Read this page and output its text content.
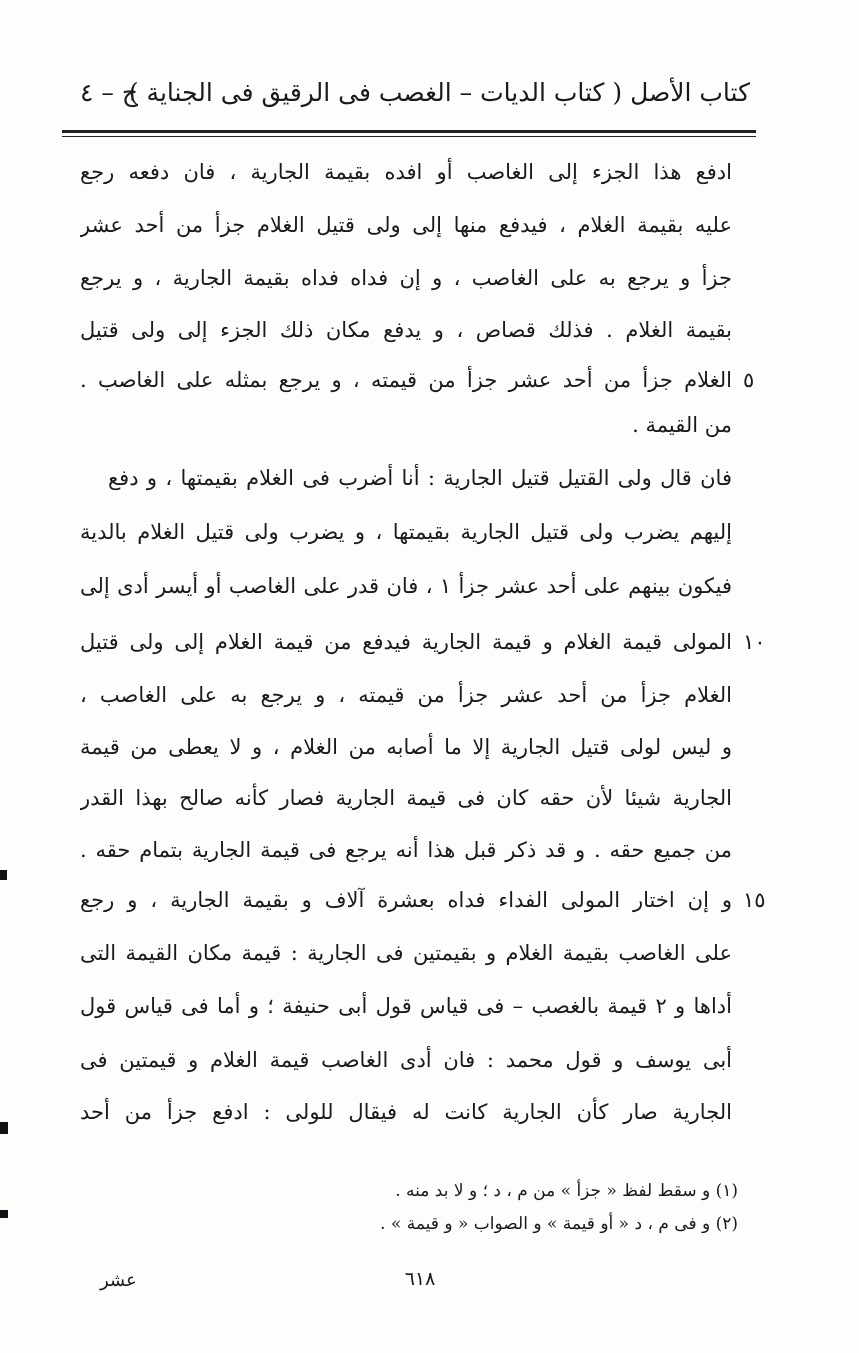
كتاب الأصل ( كتاب الديات – الغصب فى الرقيق فى الجناية )
ج – ٤
ادفع هذا الجزء إلى الغاصب أو افده بقيمة الجارية ، فان دفعه رجع
عليه بقيمة الغلام ، فيدفع منها إلى ولى قتيل الغلام جزأ من أحد عشر
جزأ و يرجع به على الغاصب ، و إن فداه فداه بقيمة الجارية ، و يرجع
بقيمة الغلام . فذلك قصاص ، و يدفع مكان ذلك الجزء إلى ولى قتيل
الغلام جزأ من أحد عشر جزأ من قيمته ، و يرجع بمثله على الغاصب .
من القيمة .
فان قال ولى القتيل قتيل الجارية : أنا أضرب فى الغلام بقيمتها ، و دفع
إليهم يضرب ولى قتيل الجارية بقيمتها ، و يضرب ولى قتيل الغلام بالدية
فيكون بينهم على أحد عشر جزأ ١ ، فان قدر على الغاصب أو أيسر أدى إلى
المولى قيمة الغلام و قيمة الجارية فيدفع من قيمة الغلام إلى ولى قتيل
الغلام جزأ من أحد عشر جزأ من قيمته ، و يرجع به على الغاصب ،
و ليس لولى قتيل الجارية إلا ما أصابه من الغلام ، و لا يعطى من قيمة
الجارية شيئا لأن حقه كان فى قيمة الجارية فصار كأنه صالح بهذا القدر
من جميع حقه . و قد ذكر قبل هذا أنه يرجع فى قيمة الجارية بتمام حقه .
و إن اختار المولى الفداء فداه بعشرة آلاف و بقيمة الجارية ، و رجع
على الغاصب بقيمة الغلام و بقيمتين فى الجارية : قيمة مكان القيمة التى
أداها و ٢ قيمة بالغصب – فى قياس قول أبى حنيفة ؛ و أما فى قياس قول
أبى يوسف و قول محمد : فان أدى الغاصب قيمة الغلام و قيمتين فى
الجارية صار كأن الجارية كانت له فيقال للولى : ادفع جزأ من أحد
٥
١٠
١٥
(١) و سقط لفظ « جزأ » من م ، د ؛ و لا بد منه .
(٢) و فى م ، د « أو قيمة » و الصواب « و قيمة » .
٦١٨
عشر
